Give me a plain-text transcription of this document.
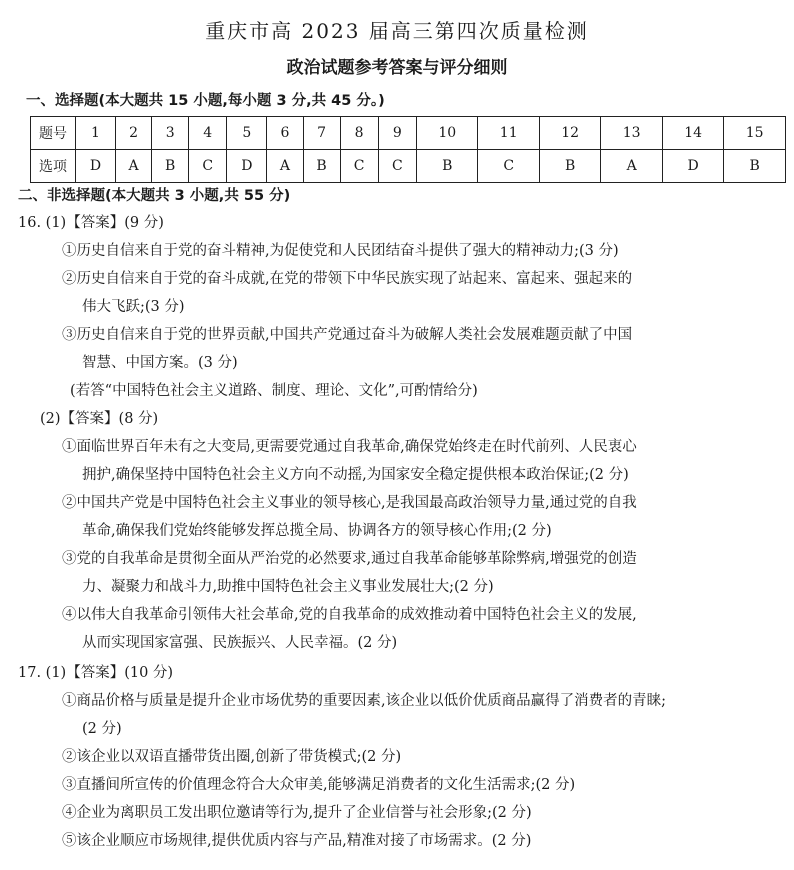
重庆市高 2023 届高三第四次质量检测
政治试题参考答案与评分细则
一、选择题(本大题共 15 小题,每小题 3 分,共 45 分。)
题号	1	2	3	4	5	6	7	8	9	10	11	12	13	14	15
选项	D	A	B	C	D	A	B	C	C	B	C	B	A	D	B
二、非选择题(本大题共 3 小题,共 55 分)
16. (1)【答案】(9 分)
①历史自信来自于党的奋斗精神,为促使党和人民团结奋斗提供了强大的精神动力;(3 分)
②历史自信来自于党的奋斗成就,在党的带领下中华民族实现了站起来、富起来、强起来的
伟大飞跃;(3 分)
③历史自信来自于党的世界贡献,中国共产党通过奋斗为破解人类社会发展难题贡献了中国
智慧、中国方案。(3 分)
(若答“中国特色社会主义道路、制度、理论、文化”,可酌情给分)
(2)【答案】(8 分)
①面临世界百年未有之大变局,更需要党通过自我革命,确保党始终走在时代前列、人民衷心
拥护,确保坚持中国特色社会主义方向不动摇,为国家安全稳定提供根本政治保证;(2 分)
②中国共产党是中国特色社会主义事业的领导核心,是我国最高政治领导力量,通过党的自我
革命,确保我们党始终能够发挥总揽全局、协调各方的领导核心作用;(2 分)
③党的自我革命是贯彻全面从严治党的必然要求,通过自我革命能够革除弊病,增强党的创造
力、凝聚力和战斗力,助推中国特色社会主义事业发展壮大;(2 分)
④以伟大自我革命引领伟大社会革命,党的自我革命的成效推动着中国特色社会主义的发展,
从而实现国家富强、民族振兴、人民幸福。(2 分)
17. (1)【答案】(10 分)
①商品价格与质量是提升企业市场优势的重要因素,该企业以低价优质商品赢得了消费者的青睐;
(2 分)
②该企业以双语直播带货出圈,创新了带货模式;(2 分)
③直播间所宣传的价值理念符合大众审美,能够满足消费者的文化生活需求;(2 分)
④企业为离职员工发出职位邀请等行为,提升了企业信誉与社会形象;(2 分)
⑤该企业顺应市场规律,提供优质内容与产品,精准对接了市场需求。(2 分)
